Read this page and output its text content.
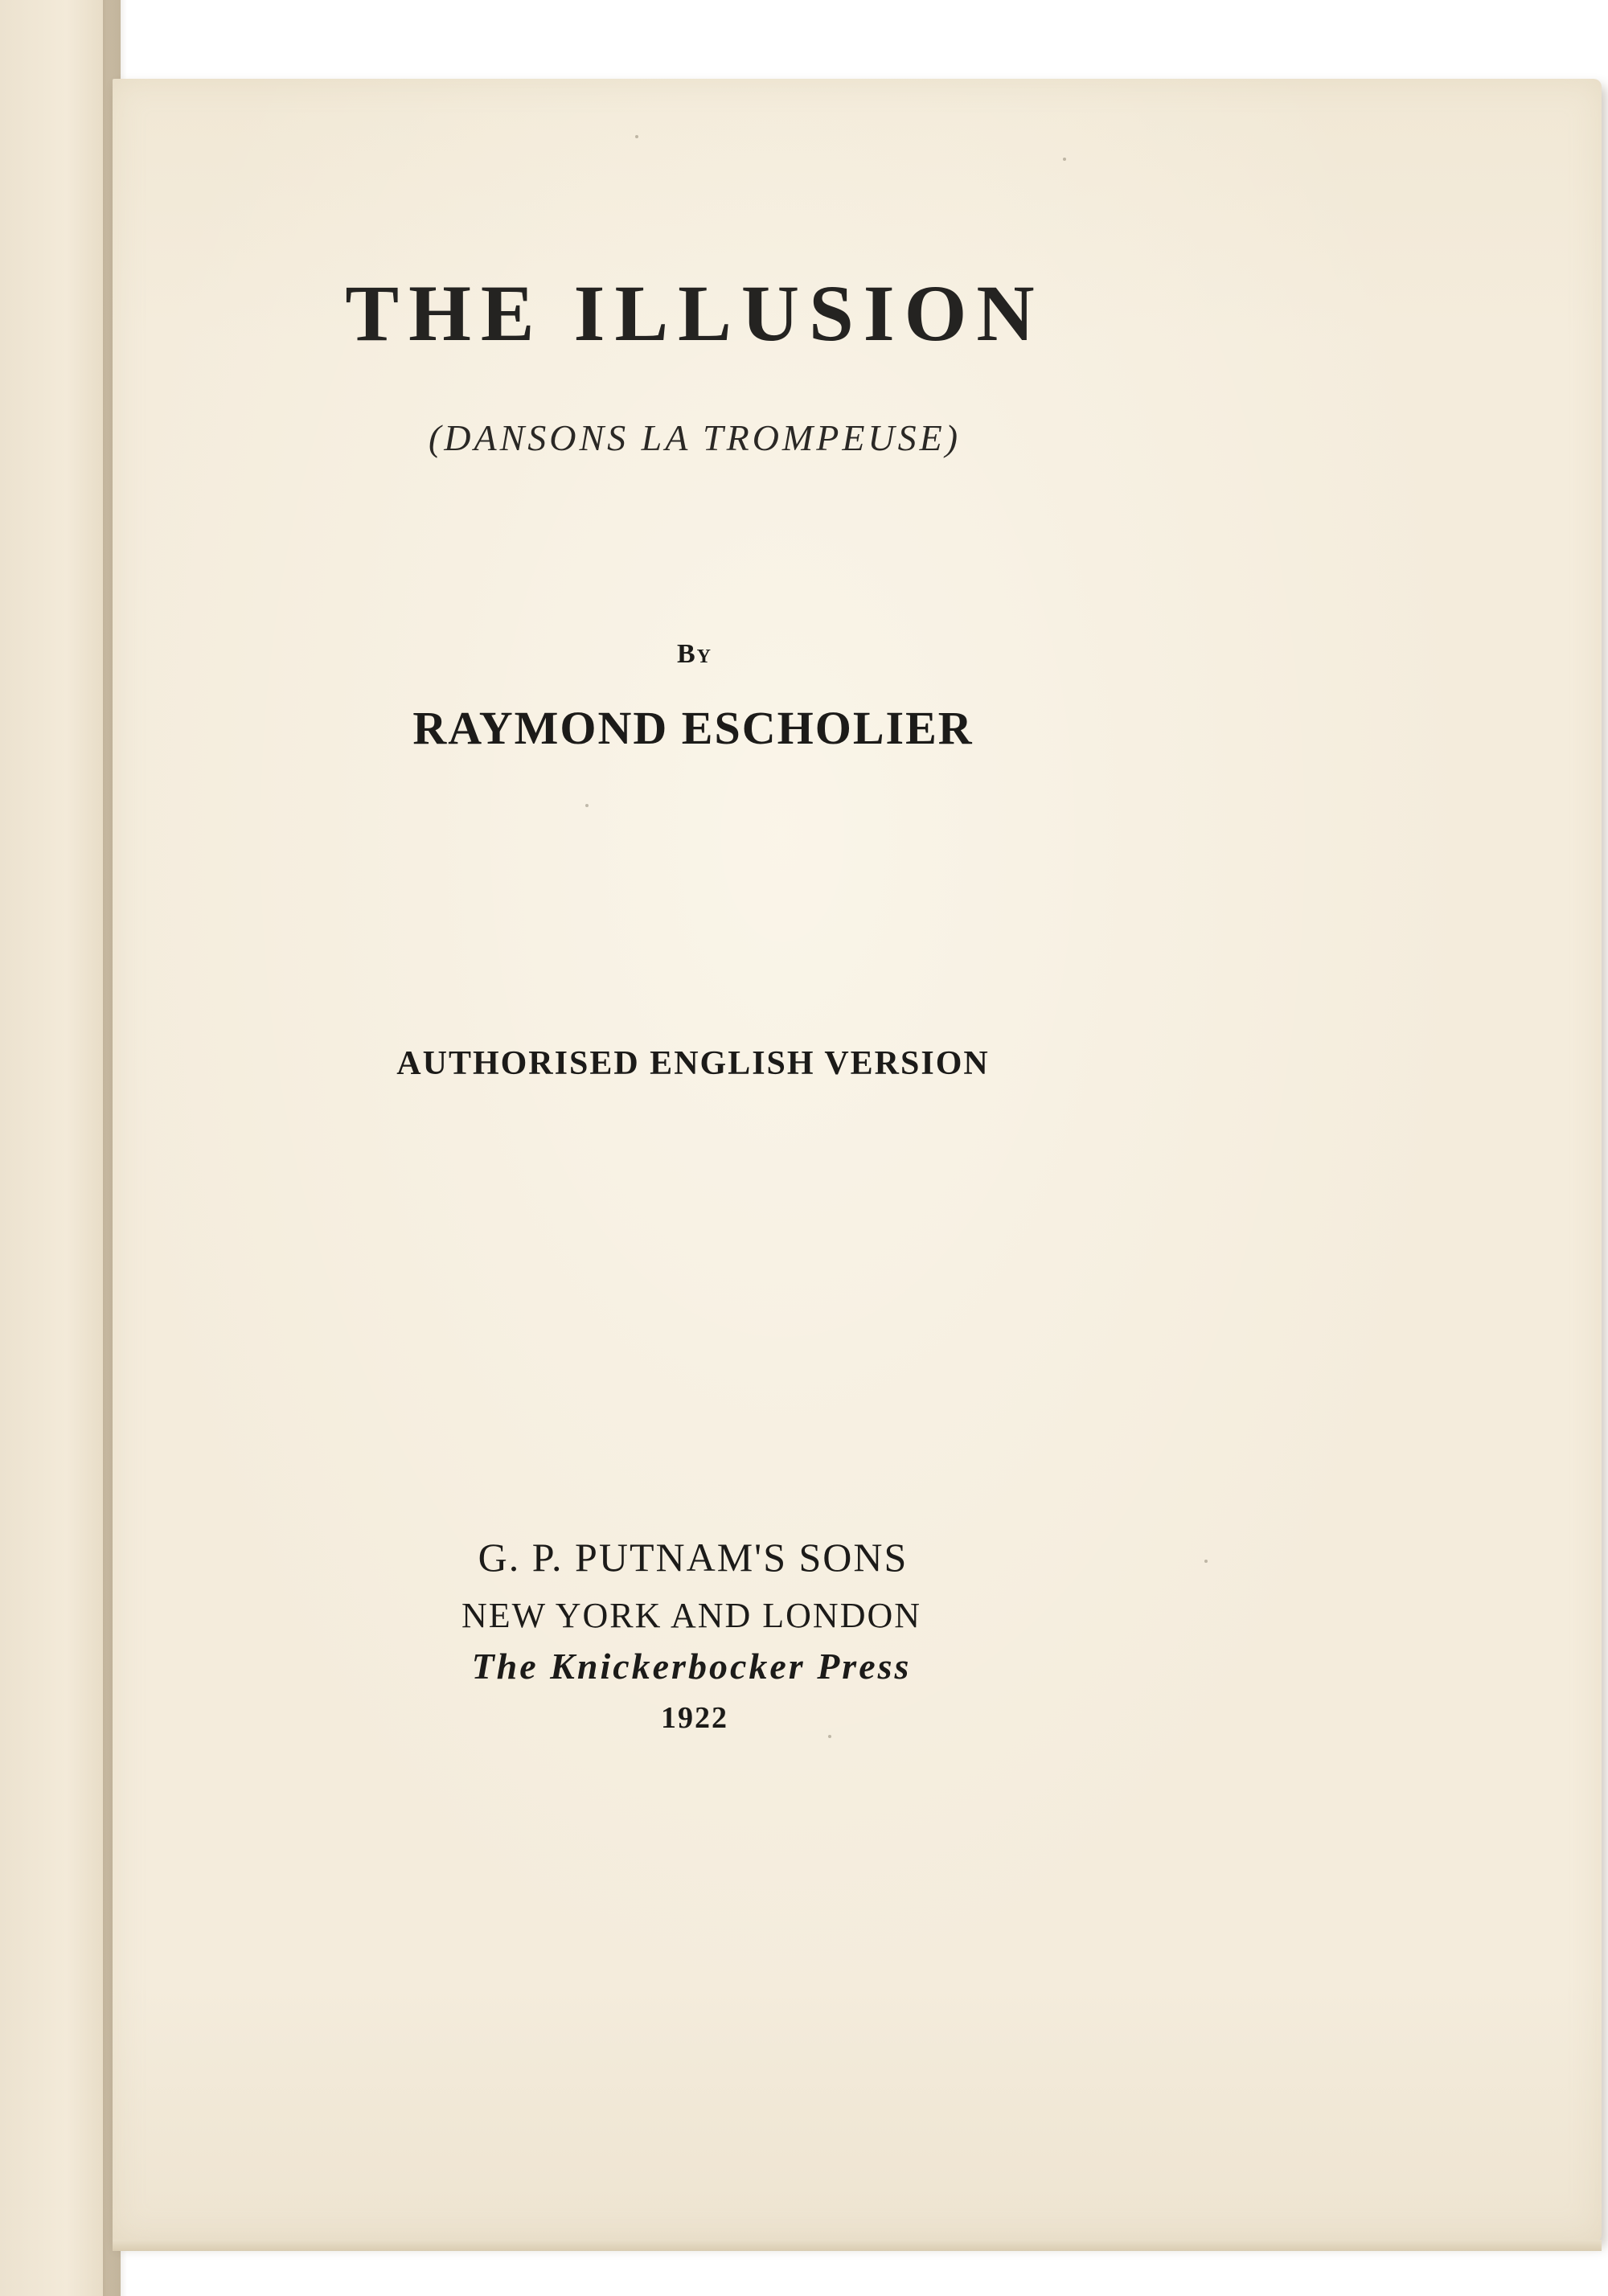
THE ILLUSION

(DANSONS LA TROMPEUSE)

By

RAYMOND ESCHOLIER

AUTHORISED ENGLISH VERSION

G. P. PUTNAM'S SONS

NEW YORK AND LONDON

The Knickerbocker Press

1922
